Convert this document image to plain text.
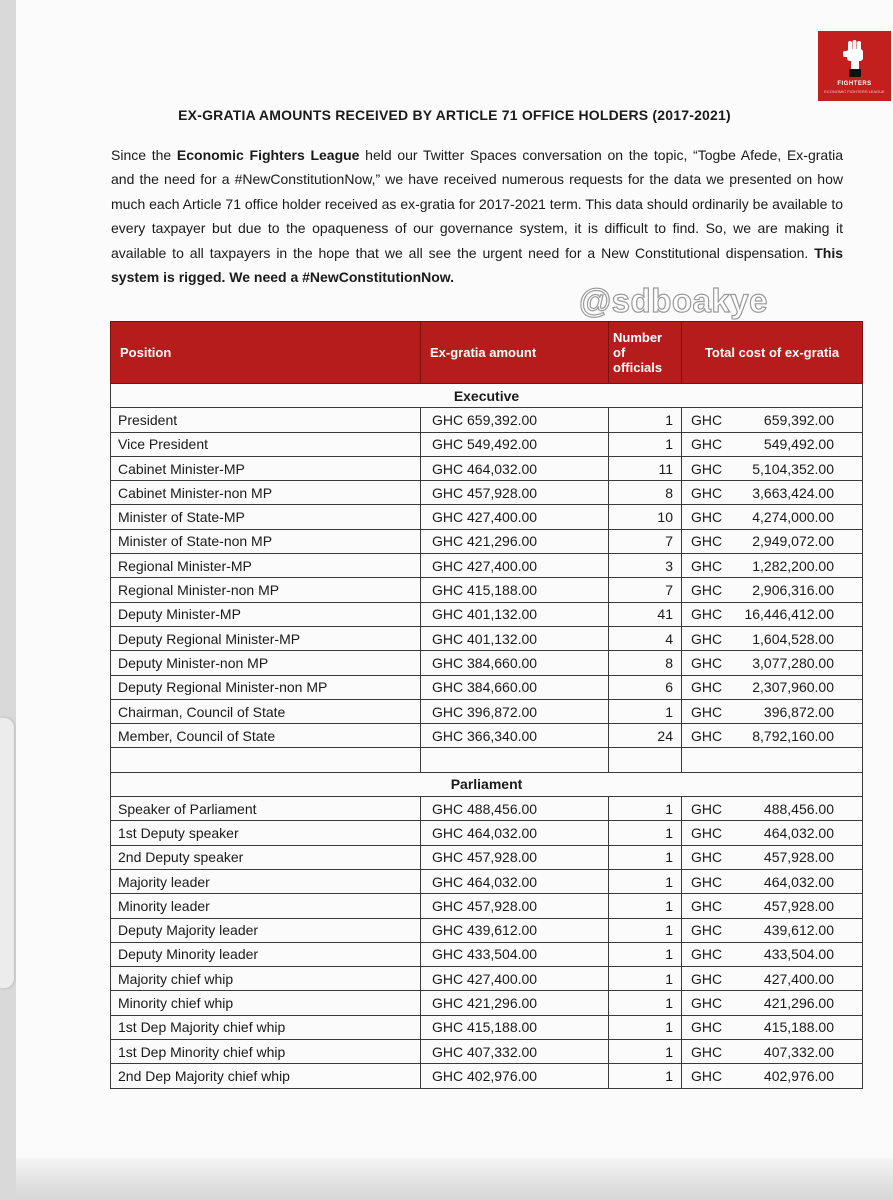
FIGHTERS
ECONOMIC FIGHTERS LEAGUE
EX-GRATIA AMOUNTS RECEIVED BY ARTICLE 71 OFFICE HOLDERS (2017-2021)

Since the Economic Fighters League held our Twitter Spaces conversation on the topic, “Togbe Afede, Ex-gratia and the need for a #NewConstitutionNow,” we have received numerous requests for the data we presented on how much each Article 71 office holder received as ex-gratia for 2017-2021 term. This data should ordinarily be available to every taxpayer but due to the opaqueness of our governance system, it is difficult to find. So, we are making it available to all taxpayers in the hope that we all see the urgent need for a New Constitutional dispensation. This system is rigged. We need a #NewConstitutionNow.

@sdboakye
Position	Ex-gratia amount	Number of officials	Total cost of ex-gratia	
Executive				
President	GHC 659,392.00	1	GHC	659,392.00
Vice President	GHC 549,492.00	1	GHC	549,492.00
Cabinet Minister-MP	GHC 464,032.00	11	GHC	5,104,352.00
Cabinet Minister-non MP	GHC 457,928.00	8	GHC	3,663,424.00
Minister of State-MP	GHC 427,400.00	10	GHC	4,274,000.00
Minister of State-non MP	GHC 421,296.00	7	GHC	2,949,072.00
Regional Minister-MP	GHC 427,400.00	3	GHC	1,282,200.00
Regional Minister-non MP	GHC 415,188.00	7	GHC	2,906,316.00
Deputy Minister-MP	GHC 401,132.00	41	GHC	16,446,412.00
Deputy Regional Minister-MP	GHC 401,132.00	4	GHC	1,604,528.00
Deputy Minister-non MP	GHC 384,660.00	8	GHC	3,077,280.00
Deputy Regional Minister-non MP	GHC 384,660.00	6	GHC	2,307,960.00
Chairman, Council of State	GHC 396,872.00	1	GHC	396,872.00
Member, Council of State	GHC 366,340.00	24	GHC	8,792,160.00

Parliament				
Speaker of Parliament	GHC 488,456.00	1	GHC	488,456.00
1st Deputy speaker	GHC 464,032.00	1	GHC	464,032.00
2nd Deputy speaker	GHC 457,928.00	1	GHC	457,928.00
Majority leader	GHC 464,032.00	1	GHC	464,032.00
Minority leader	GHC 457,928.00	1	GHC	457,928.00
Deputy Majority leader	GHC 439,612.00	1	GHC	439,612.00
Deputy Minority leader	GHC 433,504.00	1	GHC	433,504.00
Majority chief whip	GHC 427,400.00	1	GHC	427,400.00
Minority chief whip	GHC 421,296.00	1	GHC	421,296.00
1st Dep Majority chief whip	GHC 415,188.00	1	GHC	415,188.00
1st Dep Minority chief whip	GHC 407,332.00	1	GHC	407,332.00
2nd Dep Majority chief whip	GHC 402,976.00	1	GHC	402,976.00
